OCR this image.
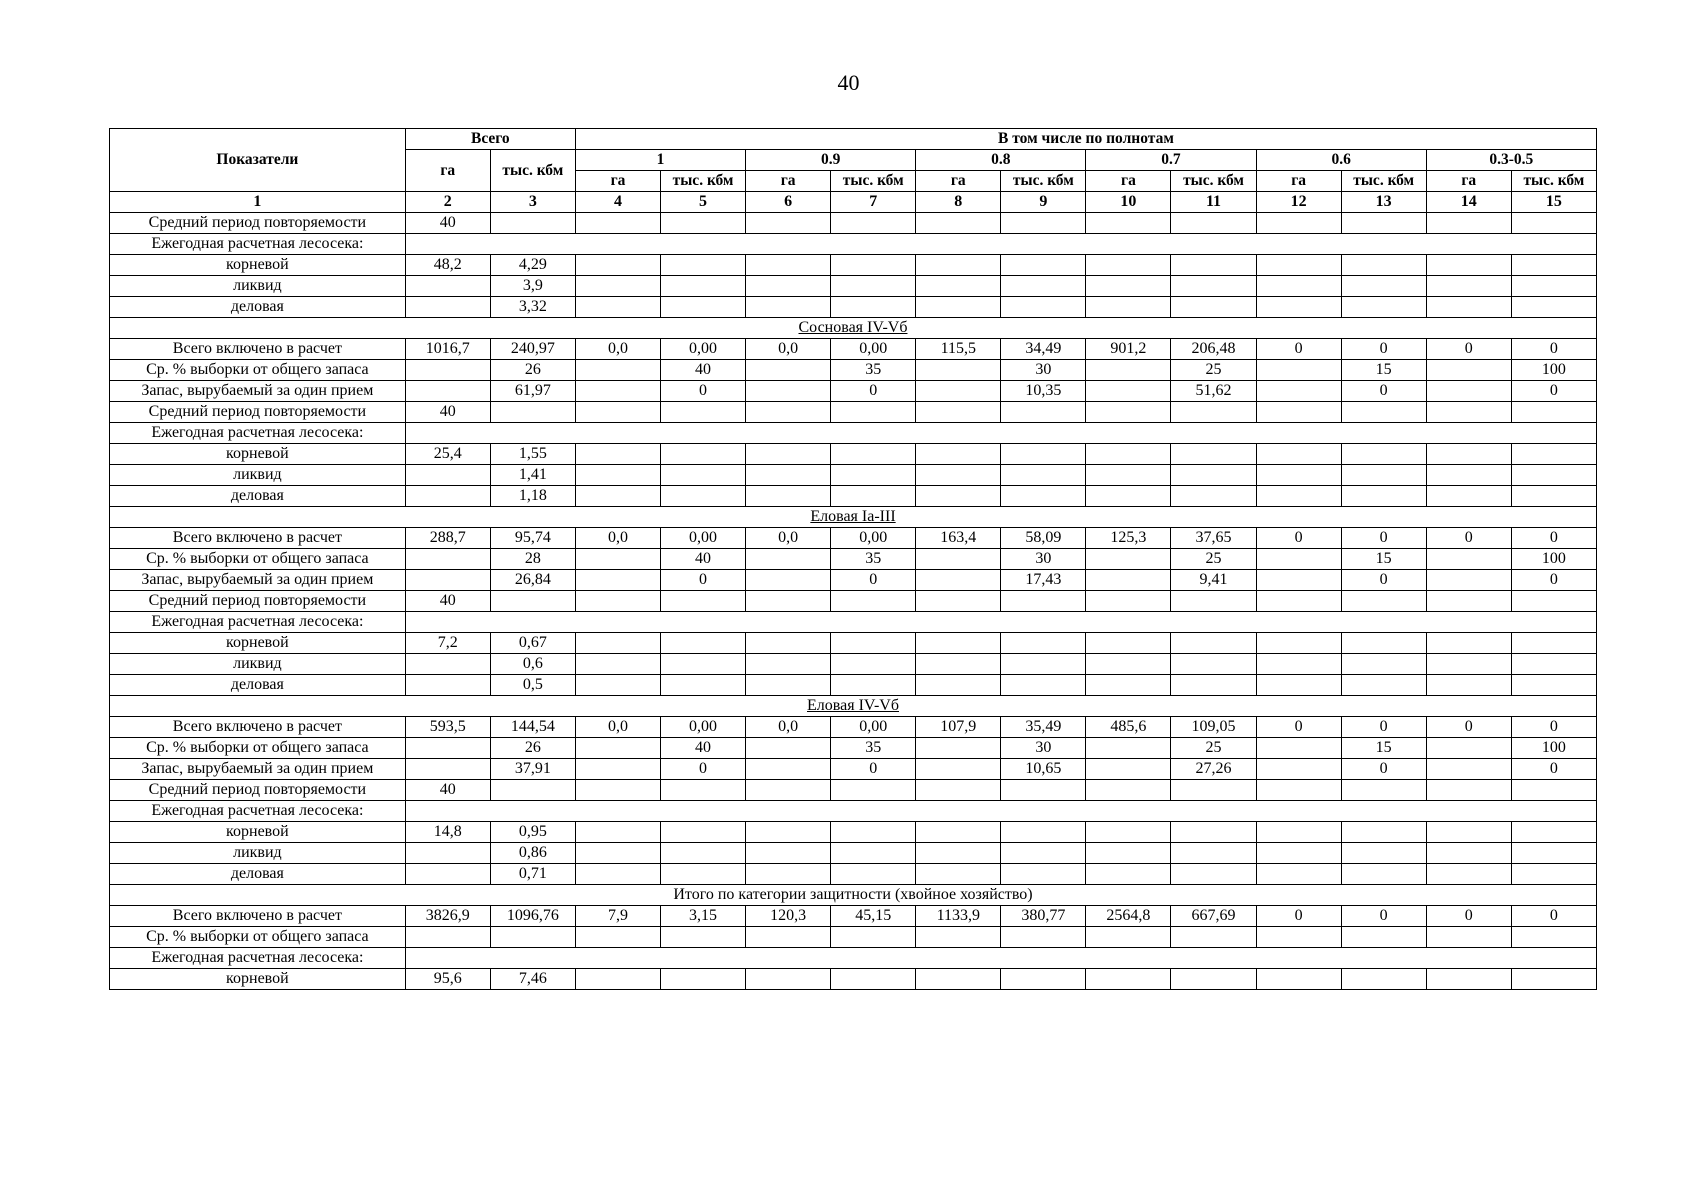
40
Показатели	Всего		В том числе по полнотам											
	га	тыс. кбм	1		0.9		0.8		0.7		0.6		0.3-0.5	
			га	тыс. кбм	га	тыс. кбм	га	тыс. кбм	га	тыс. кбм	га	тыс. кбм	га	тыс. кбм
1	2	3	4	5	6	7	8	9	10	11	12	13	14	15
Средний период повторяемости	40													
Ежегодная расчетная лесосека:														
корневой	48,2	4,29												
ликвид		3,9												
деловая		3,32												
Сосновая IV-Vб														
Всего включено в расчет	1016,7	240,97	0,0	0,00	0,0	0,00	115,5	34,49	901,2	206,48	0	0	0	0
Ср. % выборки от общего запаса		26		40		35		30		25		15		100
Запас, вырубаемый за один прием		61,97		0		0		10,35		51,62		0		0
Средний период повторяемости	40													
Ежегодная расчетная лесосека:														
корневой	25,4	1,55												
ликвид		1,41												
деловая		1,18												
Еловая Iа-III														
Всего включено в расчет	288,7	95,74	0,0	0,00	0,0	0,00	163,4	58,09	125,3	37,65	0	0	0	0
Ср. % выборки от общего запаса		28		40		35		30		25		15		100
Запас, вырубаемый за один прием		26,84		0		0		17,43		9,41		0		0
Средний период повторяемости	40													
Ежегодная расчетная лесосека:														
корневой	7,2	0,67												
ликвид		0,6												
деловая		0,5												
Еловая IV-Vб														
Всего включено в расчет	593,5	144,54	0,0	0,00	0,0	0,00	107,9	35,49	485,6	109,05	0	0	0	0
Ср. % выборки от общего запаса		26		40		35		30		25		15		100
Запас, вырубаемый за один прием		37,91		0		0		10,65		27,26		0		0
Средний период повторяемости	40													
Ежегодная расчетная лесосека:														
корневой	14,8	0,95												
ликвид		0,86												
деловая		0,71												
Итого по категории защитности (хвойное хозяйство)														
Всего включено в расчет	3826,9	1096,76	7,9	3,15	120,3	45,15	1133,9	380,77	2564,8	667,69	0	0	0	0
Ср. % выборки от общего запаса														
Ежегодная расчетная лесосека:														
корневой	95,6	7,46												
